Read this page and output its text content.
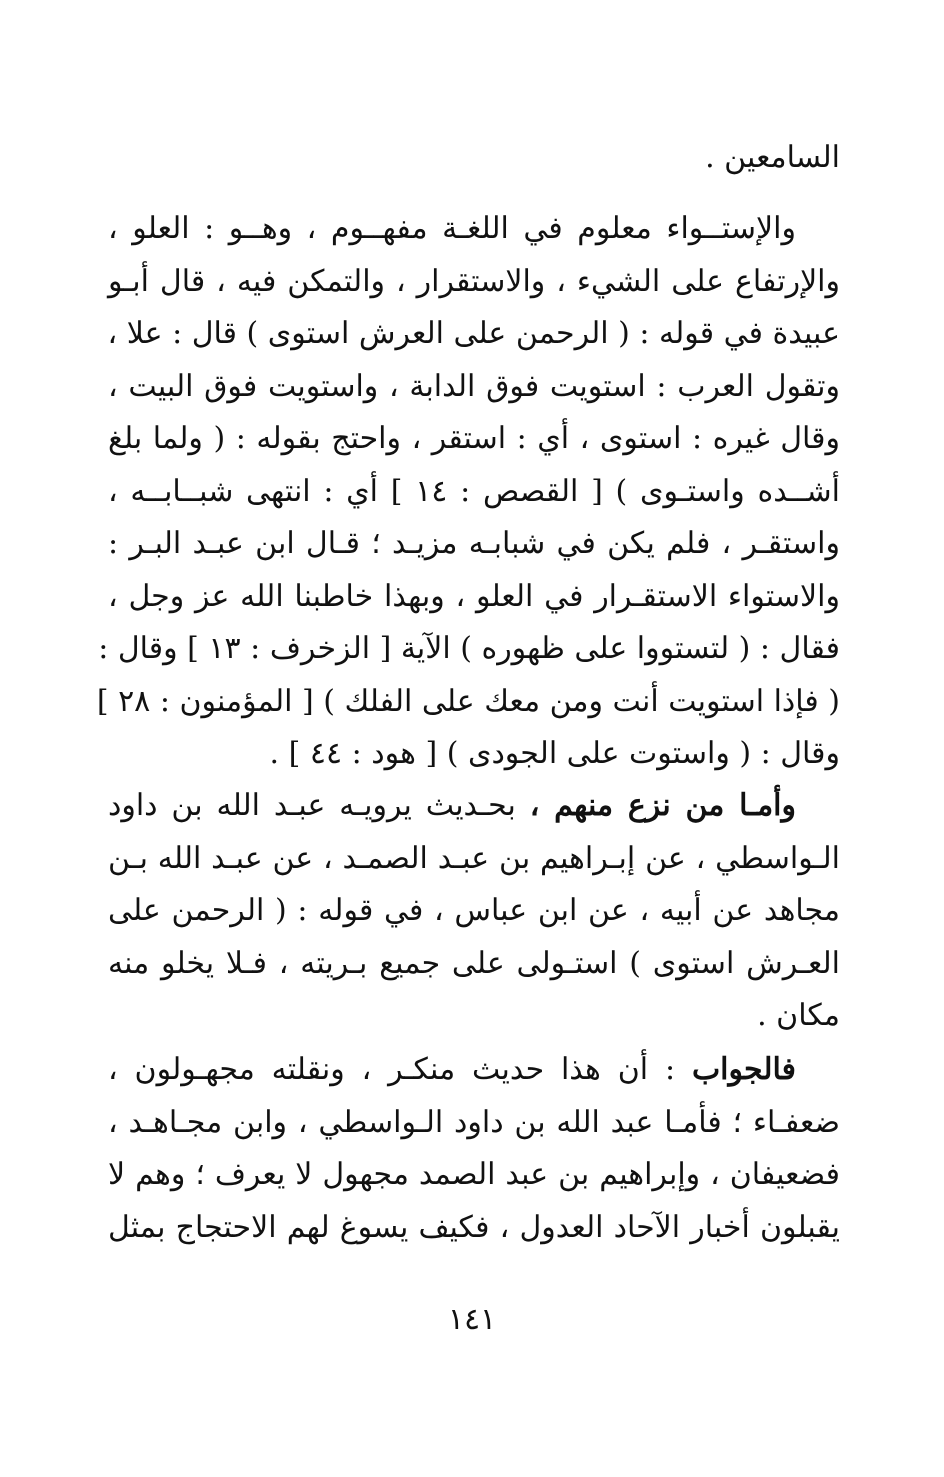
السامعين .
والإستــواء معلوم في اللغـة مفهــوم ، وهــو : العلو ،
والإرتفاع على الشيء ، والاستقرار ، والتمكن فيه ، قال أبـو
عبيدة في قوله : ( الرحمن على العرش استوى ) قال : علا ،
وتقول العرب : استويت فوق الدابة ، واستويت فوق البيت ،
وقال غيره : استوى ، أي : استقر ، واحتج بقوله : ( ولما بلغ
أشــده واستـوى ) [ القصص : ١٤ ] أي : انتهى شبــابــه ،
واستقـر ، فلم يكن في شبابـه مزيـد ؛ قـال ابن عبـد البـر :
والاستواء الاستقـرار في العلو ، وبهذا خاطبنا الله عز وجل ،
فقال : ( لتستووا على ظهوره ) الآية [ الزخرف : ١٣ ] وقال :
( فإذا استويت أنت ومن معك على الفلك ) [ المؤمنون : ٢٨ ]
وقال : ( واستوت على الجودى ) [ هود : ٤٤ ] .
وأمـا من نزع منهم ، بحـديث يرويـه عبـد الله بن داود
الـواسطي ، عن إبـراهيم بن عبـد الصمـد ، عن عبـد الله بـن
مجاهد عن أبيه ، عن ابن عباس ، في قوله : ( الرحمن على
العـرش استوى ) استـولى على جميع بـريته ، فـلا يخلو منه
مكان .
فالجواب : أن هذا حديث منكـر ، ونقلته مجهـولون ،
ضعفـاء ؛ فأمـا عبد الله بن داود الـواسطي ، وابن مجـاهـد ،
فضعيفان ، وإبراهيم بن عبد الصمد مجهول لا يعرف ؛ وهم لا
يقبلون أخبار الآحاد العدول ، فكيف يسوغ لهم الاحتجاج بمثل
١٤١
